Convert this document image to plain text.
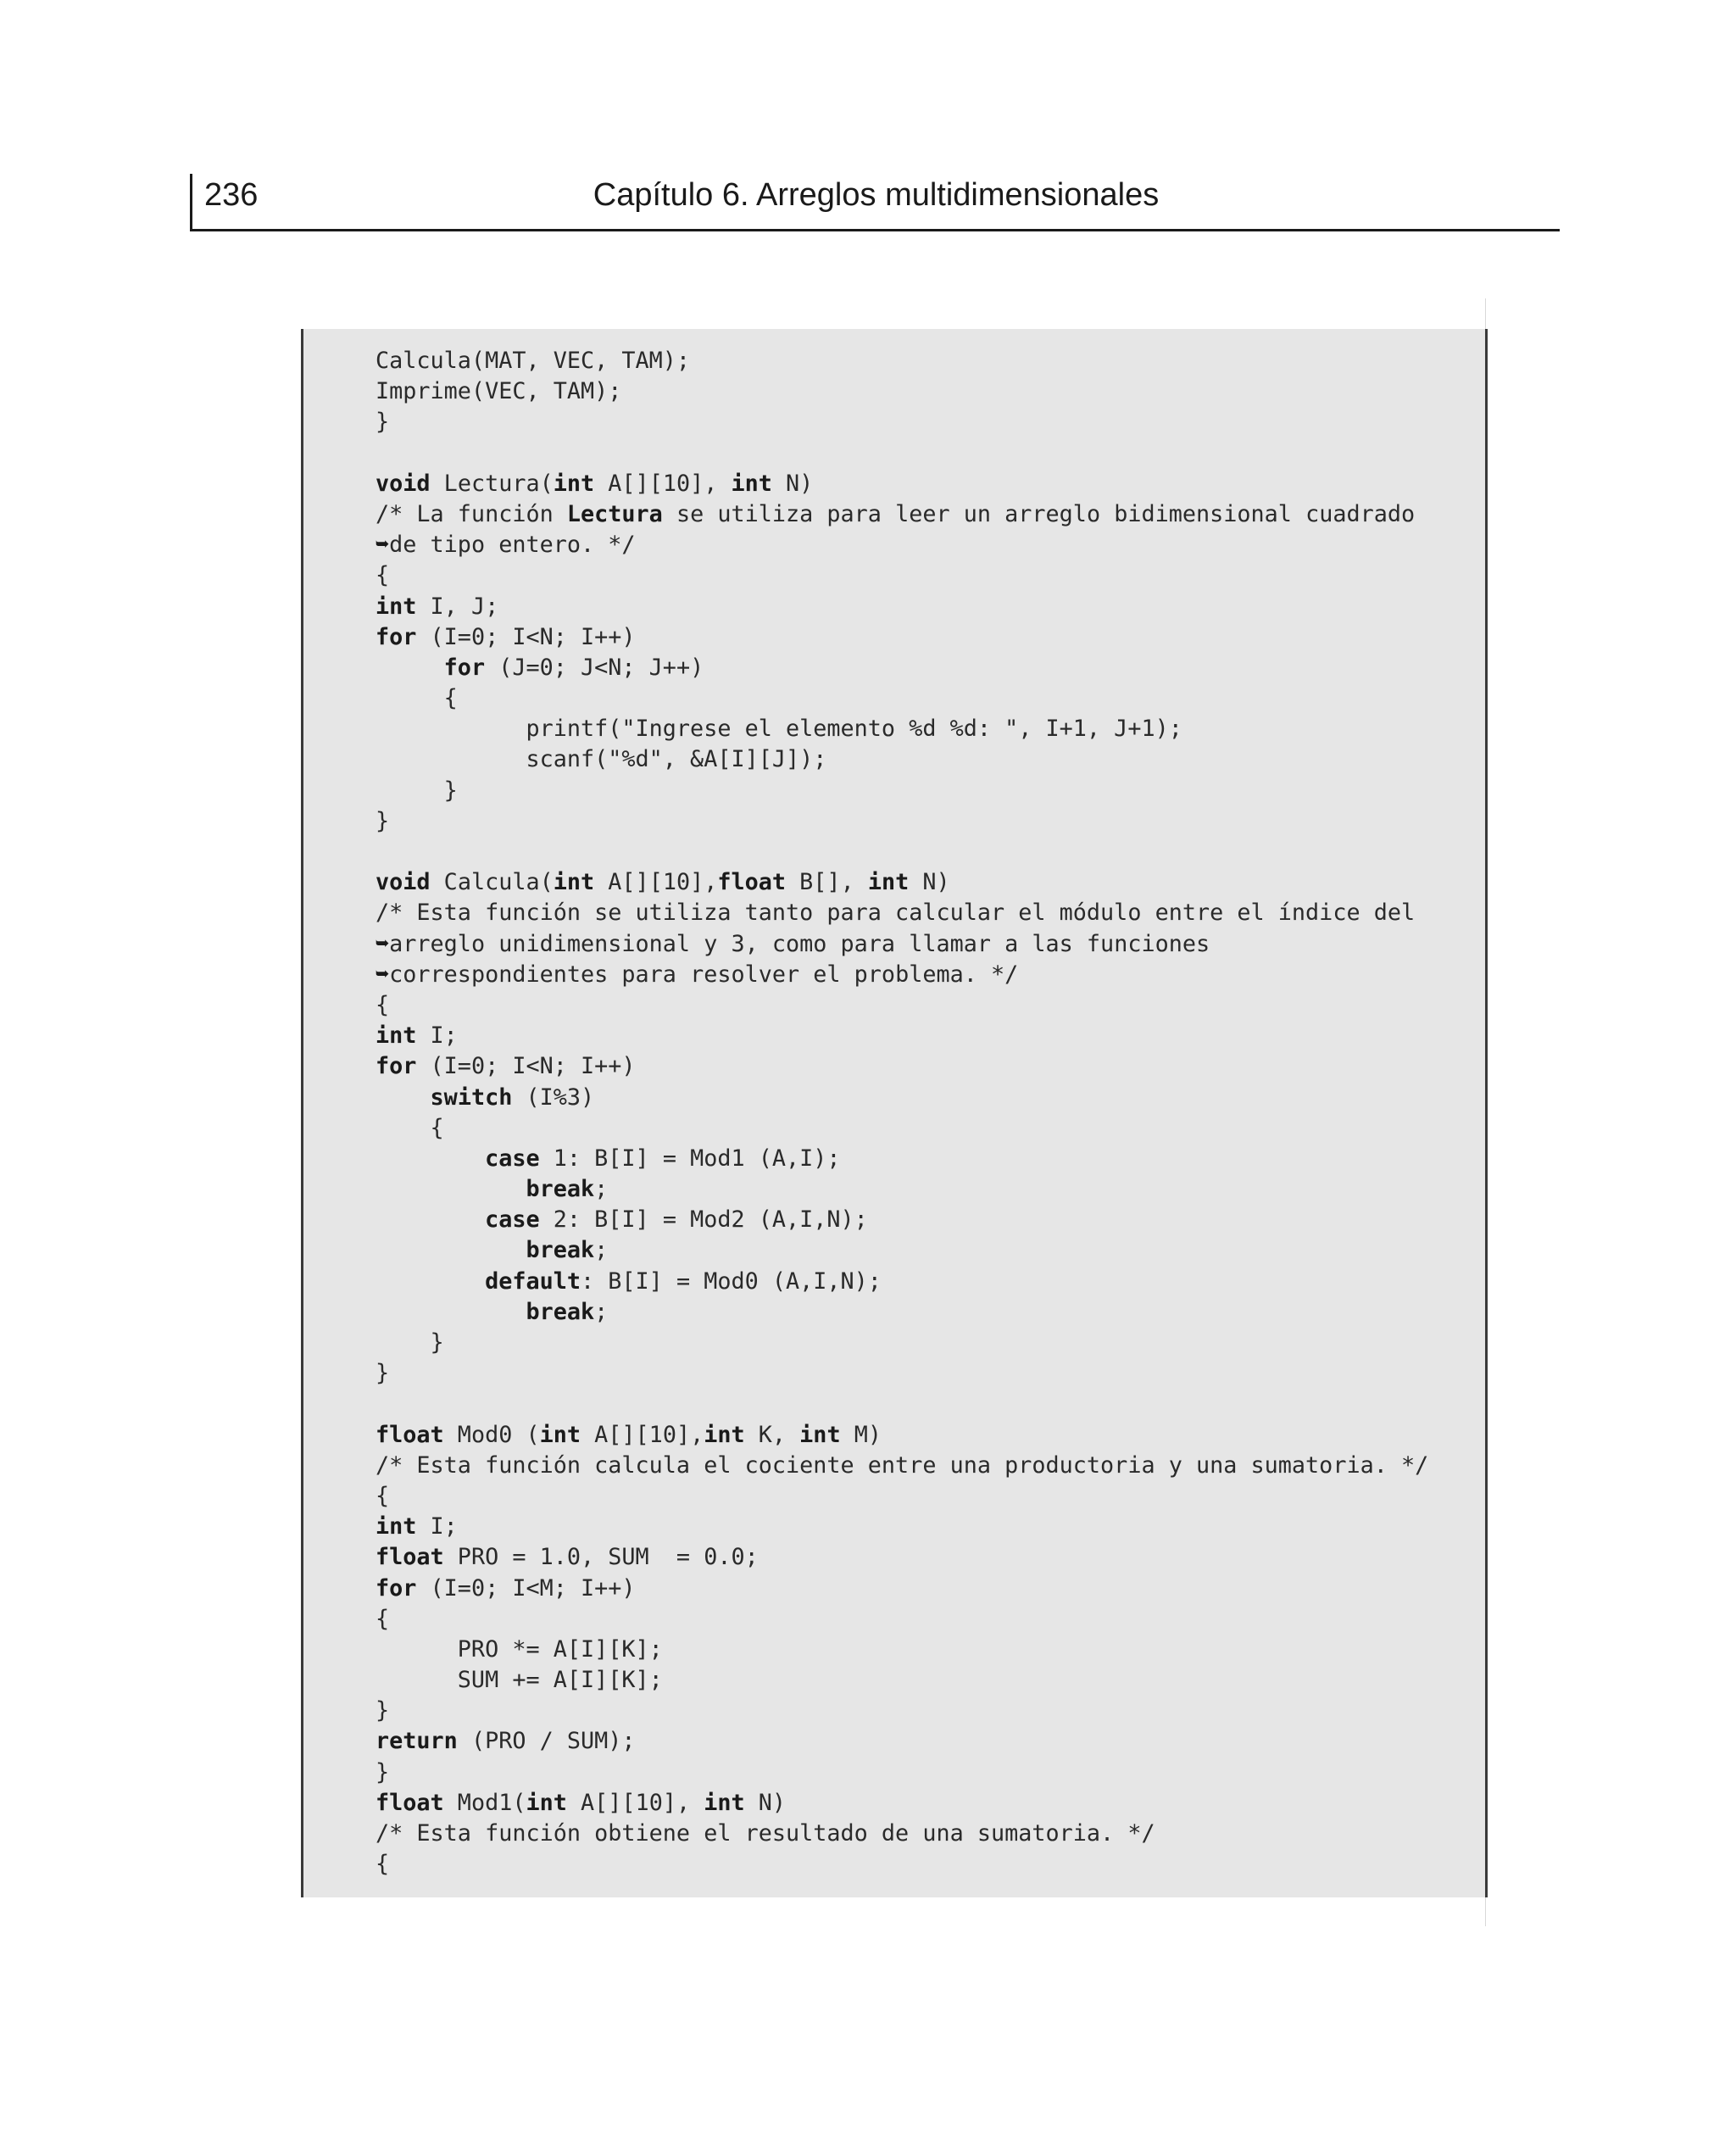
236	Capítulo 6. Arreglos multidimensionales
Calcula(MAT, VEC, TAM);
Imprime(VEC, TAM);
}

void Lectura(int A[][10], int N)
/* La función Lectura se utiliza para leer un arreglo bidimensional cuadrado
➥de tipo entero. */
{
int I, J;
for (I=0; I<N; I++)
for (J=0; J<N; J++)
{
printf("Ingrese el elemento %d %d: ", I+1, J+1);
scanf("%d", &A[I][J]);
}
}

void Calcula(int A[][10],float B[], int N)
/* Esta función se utiliza tanto para calcular el módulo entre el índice del
➥arreglo unidimensional y 3, como para llamar a las funciones
➥correspondientes para resolver el problema. */
{
int I;
for (I=0; I<N; I++)
switch (I%3)
{
case 1: B[I] = Mod1 (A,I);
break;
case 2: B[I] = Mod2 (A,I,N);
break;
default: B[I] = Mod0 (A,I,N);
break;
}
}

float Mod0 (int A[][10],int K, int M)
/* Esta función calcula el cociente entre una productoria y una sumatoria. */
{
int I;
float PRO = 1.0, SUM  = 0.0;
for (I=0; I<M; I++)
{
PRO *= A[I][K];
SUM += A[I][K];
}
return (PRO / SUM);
}
float Mod1(int A[][10], int N)
/* Esta función obtiene el resultado de una sumatoria. */
{
